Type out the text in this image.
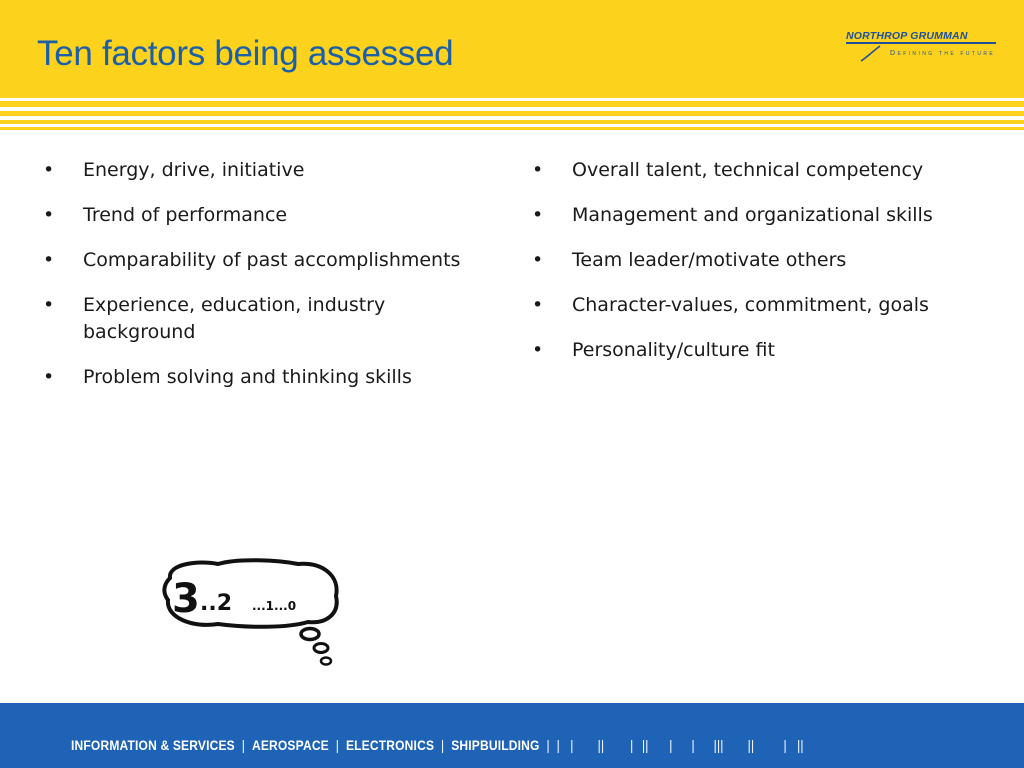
Ten factors being assessed	NORTHROP GRUMMAN
Defining the future
• Energy, drive, initiative
• Trend of performance
• Comparability of past accomplishments
• Experience, education, industry background
• Problem solving and thinking skills
• Overall talent, technical competency
• Management and organizational skills
• Team leader/motivate others
• Character-values, commitment, goals
• Personality/culture fit
3 ..2 ...1...0
INFORMATION & SERVICES | AEROSPACE | ELECTRONICS | SHIPBUILDING | | | || | || | | ||| || | ||
